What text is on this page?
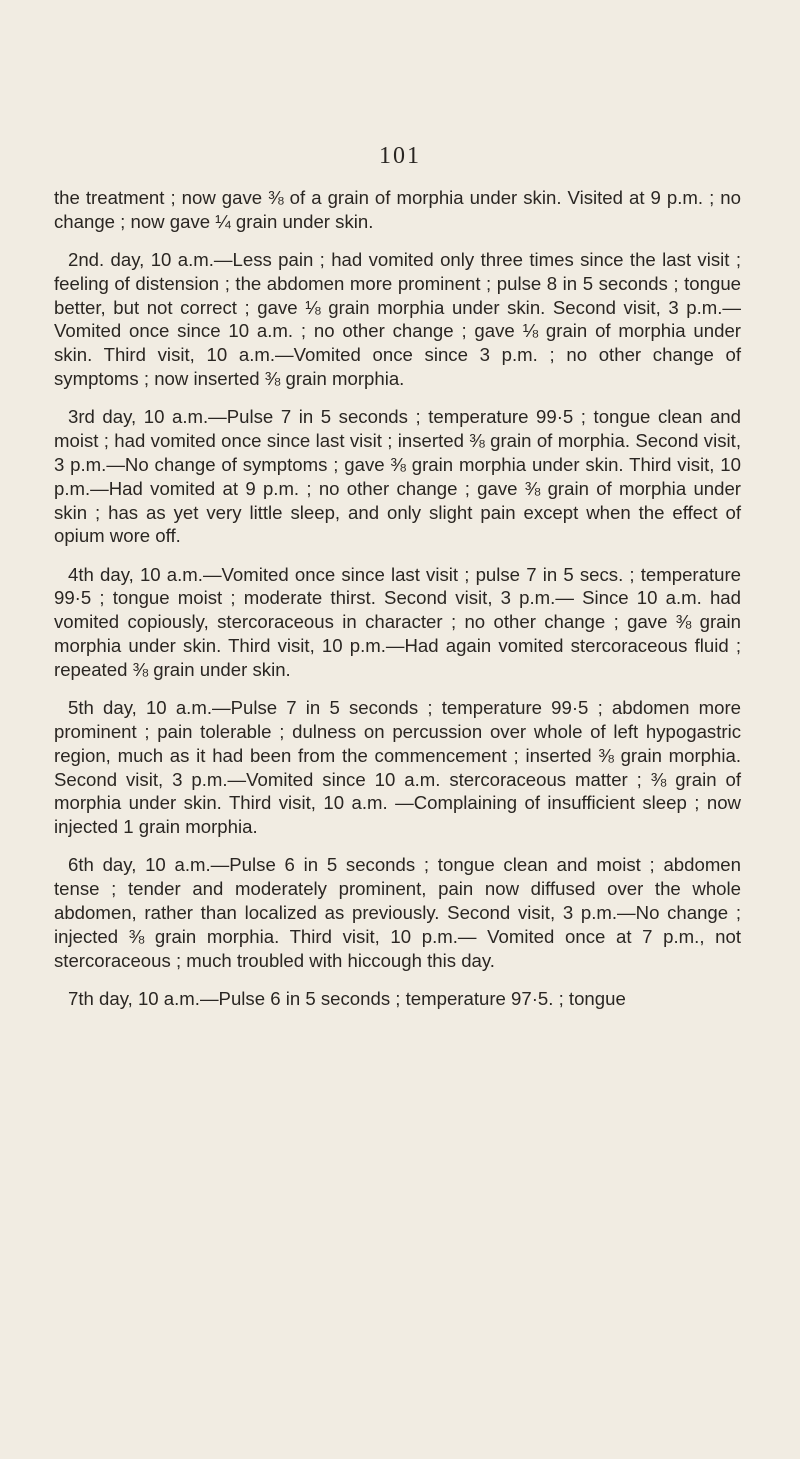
101

the treatment ; now gave ⅜ of a grain of morphia under skin. Visited at 9 p.m. ; no change ; now gave ¼ grain under skin.

2nd. day, 10 a.m.—Less pain ; had vomited only three times since the last visit ; feeling of distension ; the abdomen more prominent ; pulse 8 in 5 seconds ; tongue better, but not correct ; gave ⅛ grain morphia under skin. Second visit, 3 p.m.—Vomited once since 10 a.m. ; no other change ; gave ⅛ grain of morphia under skin. Third visit, 10 a.m.—Vomited once since 3 p.m. ; no other change of symptoms ; now inserted ⅜ grain morphia.

3rd day, 10 a.m.—Pulse 7 in 5 seconds ; temperature 99·5 ; tongue clean and moist ; had vomited once since last visit ; inserted ⅜ grain of morphia. Second visit, 3 p.m.—No change of symptoms ; gave ⅜ grain morphia under skin. Third visit, 10 p.m.—Had vomited at 9 p.m. ; no other change ; gave ⅜ grain of morphia under skin ; has as yet very little sleep, and only slight pain except when the effect of opium wore off.

4th day, 10 a.m.—Vomited once since last visit ; pulse 7 in 5 secs. ; temperature 99·5 ; tongue moist ; moderate thirst. Second visit, 3 p.m.— Since 10 a.m. had vomited copiously, stercoraceous in character ; no other change ; gave ⅜ grain morphia under skin. Third visit, 10 p.m.—Had again vomited stercoraceous fluid ; repeated ⅜ grain under skin.

5th day, 10 a.m.—Pulse 7 in 5 seconds ; temperature 99·5 ; abdomen more prominent ; pain tolerable ; dulness on percussion over whole of left hypogastric region, much as it had been from the commencement ; inserted ⅜ grain morphia. Second visit, 3 p.m.—Vomited since 10 a.m. stercoraceous matter ; ⅜ grain of morphia under skin. Third visit, 10 a.m. —Complaining of insufficient sleep ; now injected 1 grain morphia.

6th day, 10 a.m.—Pulse 6 in 5 seconds ; tongue clean and moist ; abdomen tense ; tender and moderately prominent, pain now diffused over the whole abdomen, rather than localized as previously. Second visit, 3 p.m.—No change ; injected ⅜ grain morphia. Third visit, 10 p.m.— Vomited once at 7 p.m., not stercoraceous ; much troubled with hiccough this day.

7th day, 10 a.m.—Pulse 6 in 5 seconds ; temperature 97·5. ; tongue
